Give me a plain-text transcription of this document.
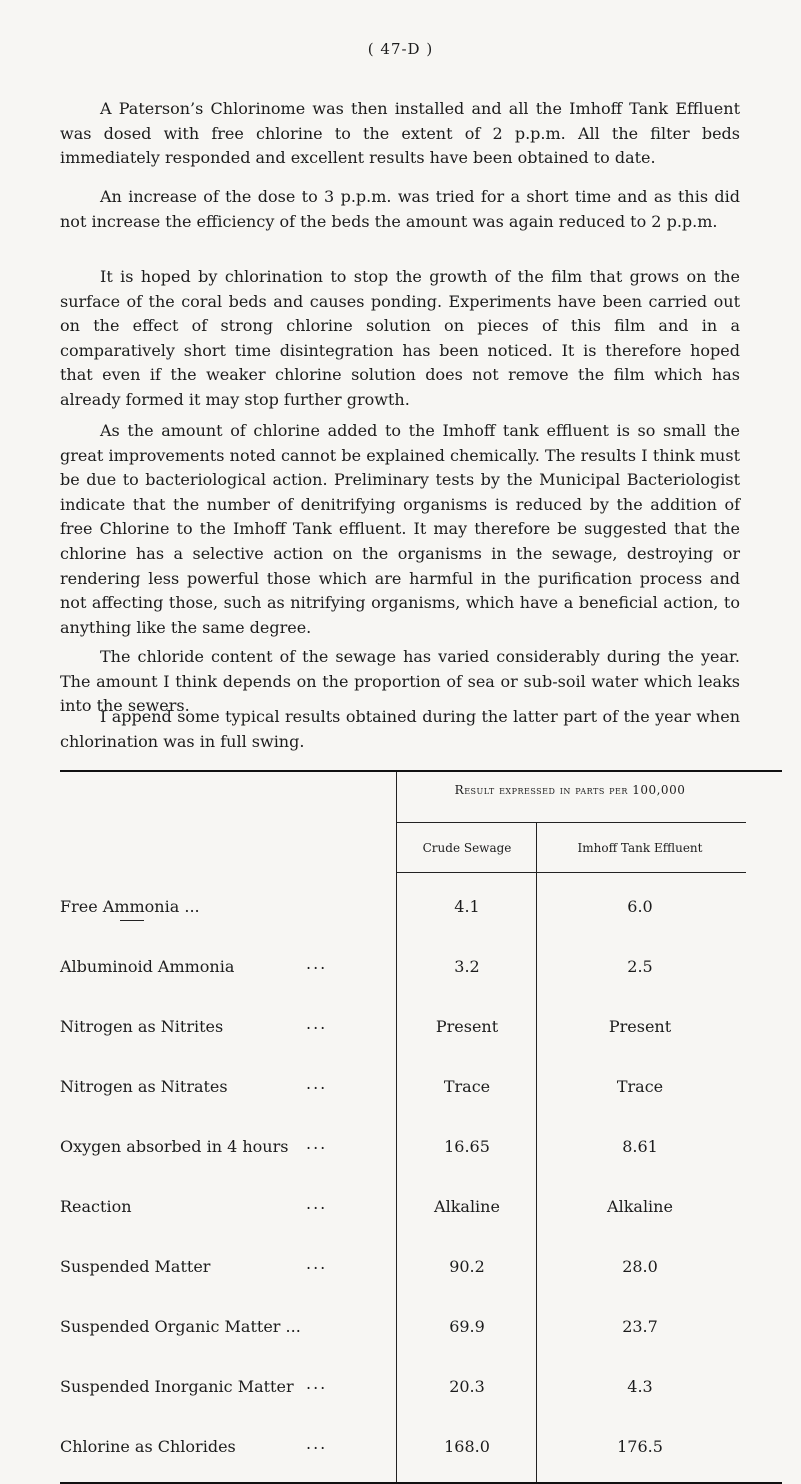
( 47-D )

A Paterson’s Chlorinome was then installed and all the Imhoff Tank Effluent was dosed with free chlorine to the extent of 2 p.p.m. All the filter beds immediately responded and excellent results have been obtained to date.

An increase of the dose to 3 p.p.m. was tried for a short time and as this did not increase the efficiency of the beds the amount was again reduced to 2 p.p.m.

It is hoped by chlorination to stop the growth of the film that grows on the surface of the coral beds and causes ponding. Experiments have been carried out on the effect of strong chlorine solution on pieces of this film and in a comparatively short time disintegration has been noticed. It is therefore hoped that even if the weaker chlorine solution does not remove the film which has already formed it may stop further growth.

As the amount of chlorine added to the Imhoff tank effluent is so small the great improvements noted cannot be explained chemically. The results I think must be due to bacteriological action. Preliminary tests by the Municipal Bacteriologist indicate that the number of denitrifying organisms is reduced by the addition of free Chlorine to the Imhoff Tank effluent. It may therefore be suggested that the chlorine has a selective action on the organisms in the sewage, destroying or rendering less powerful those which are harmful in the purification process and not affecting those, such as nitrifying organisms, which have a beneficial action, to anything like the same degree.

The chloride content of the sewage has varied considerably during the year. The amount I think depends on the proportion of sea or sub-soil water which leaks into the sewers.

I append some typical results obtained during the latter part of the year when chlorination was in full swing.

Result expressed in parts per 100,000
Crude Sewage	Imhoff Tank Effluent
Free Ammonia ...	4.1	6.0
Albuminoid Ammonia	...	3.2	2.5
Nitrogen as Nitrites	...	Present	Present
Nitrogen as Nitrates	...	Trace	Trace
Oxygen absorbed in 4 hours ...	16.65	8.61
Reaction	...	Alkaline	Alkaline
Suspended Matter	...	90.2	28.0
Suspended Organic Matter ...	69.9	23.7
Suspended Inorganic Matter ...	20.3	4.3
Chlorine as Chlorides	...	168.0	176.5
